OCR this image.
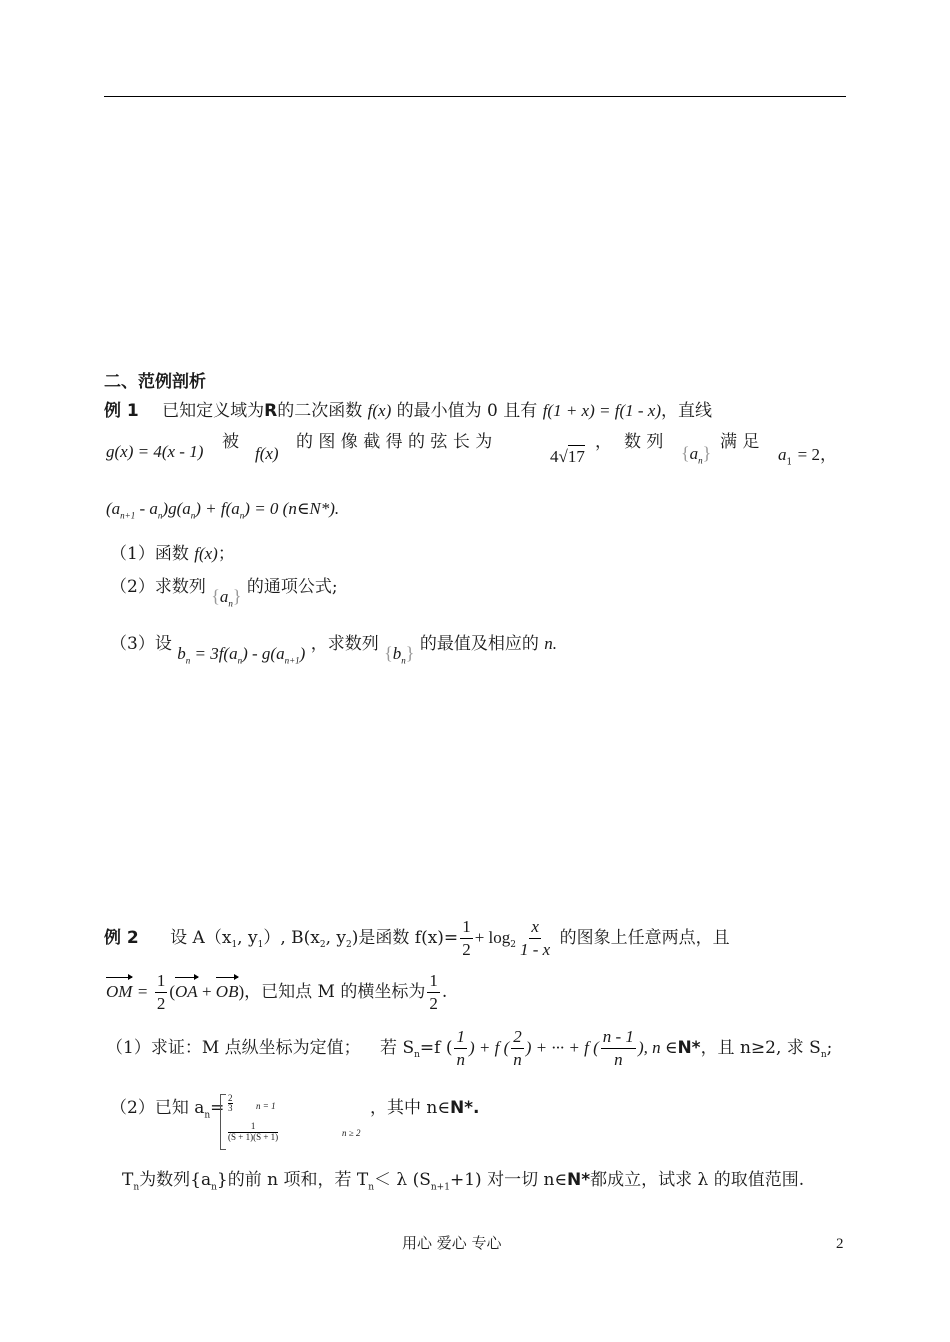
二、范例剖析
例 1 已知定义域为R的二次函数 f(x) 的最小值为 0 且有 f(1 + x) = f(1 - x)，直线
g(x) = 4(x - 1) 被
f(x)
的 图 像 截 得 的 弦 长 为
4√17
， 数 列
$\{a_n\}$
满 足
$a_1 = 2$，
$(a_{n+1} - a_n)g(a_n) + f(a_n) = 0$ (n∈N*).
（1）函数 f(x)；
（2）求数列 $\{a_n\}$ 的通项公式;
（3）设 $b_n = 3f(a_n) - g(a_{n+1})$ ，求数列 $\{b_n\}$ 的最值及相应的 n.
例 2 设 $A(x_1$, $y_1$）, $B(x_2$, $y_2$)是函数 $f(x)= \frac{1}{2} + \log_2 \frac{x}{1 - x}$ 的图象上任意两点，且
OM = $\frac{1}{2} (OA + OB)$，已知点 M 的横坐标为 $\frac{1}{2}$ .
（1）求证：M 点纵坐标为定值； 若 $S_n=f$ ( $\frac{1}{n}$ ) + f ( $\frac{2}{n}$ ) + ··· + f ( $\frac{n - 1}{n}$ ), n ∈N*，且 n≥2, 求 $S_n$;
（2）已知 $a_n= 2$
3	n = 1
1
(S + 1)(S + 1)	n ≥ 2
，其中 n∈N*.
$T_n$为数列$\{a_n\}$的前 n 项和，若 $T_n< \lambda$ $(S_{n+1}+1)$ 对一切 n∈N*都成立，试求 λ 的取值范围.
用心 爱心 专心	2
